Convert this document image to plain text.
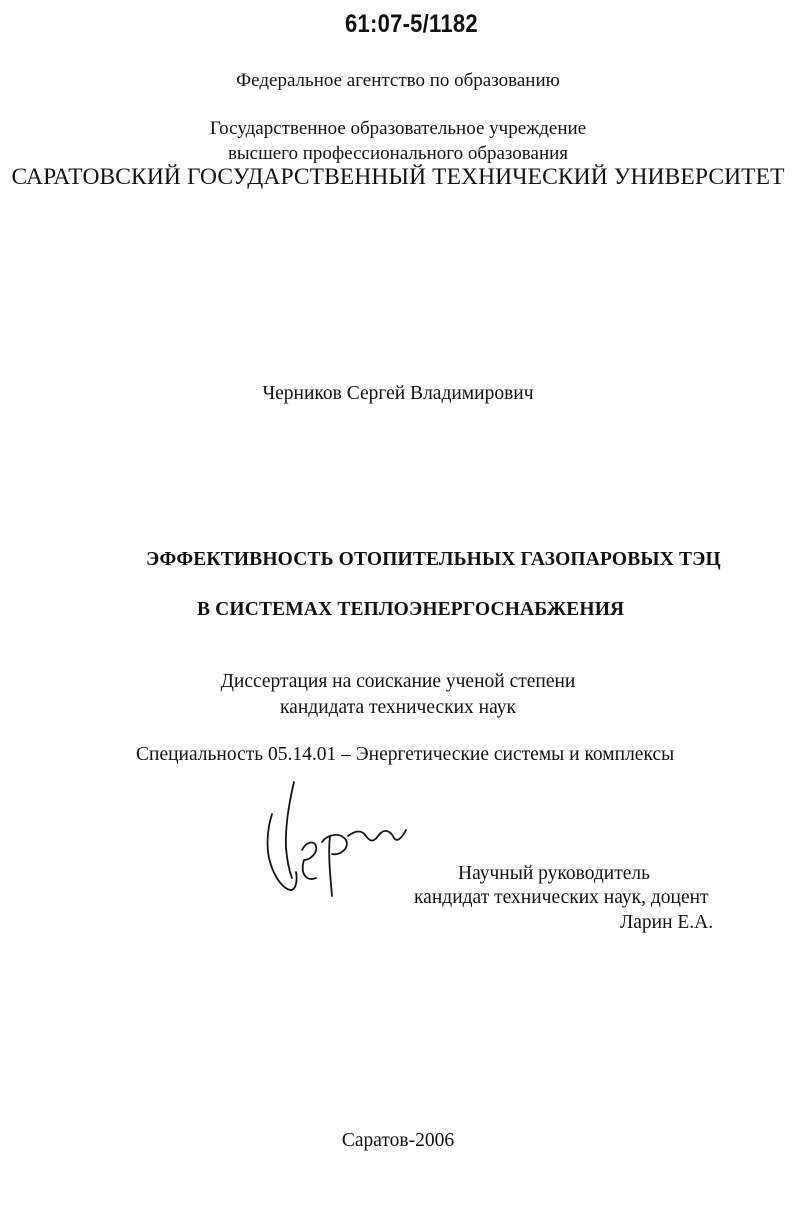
61:07-5/1182
Федеральное агентство по образованию
Государственное образовательное учреждение
высшего профессионального образования
САРАТОВСКИЙ ГОСУДАРСТВЕННЫЙ ТЕХНИЧЕСКИЙ УНИВЕРСИТЕТ
Черников Сергей Владимирович
ЭФФЕКТИВНОСТЬ ОТОПИТЕЛЬНЫХ ГАЗОПАРОВЫХ ТЭЦ
В СИСТЕМАХ ТЕПЛОЭНЕРГОСНАБЖЕНИЯ
Диссертация на соискание ученой степени
кандидата технических наук
Специальность 05.14.01 – Энергетические системы и комплексы
Научный руководитель
кандидат технических наук, доцент
Ларин Е.А.
Саратов-2006
